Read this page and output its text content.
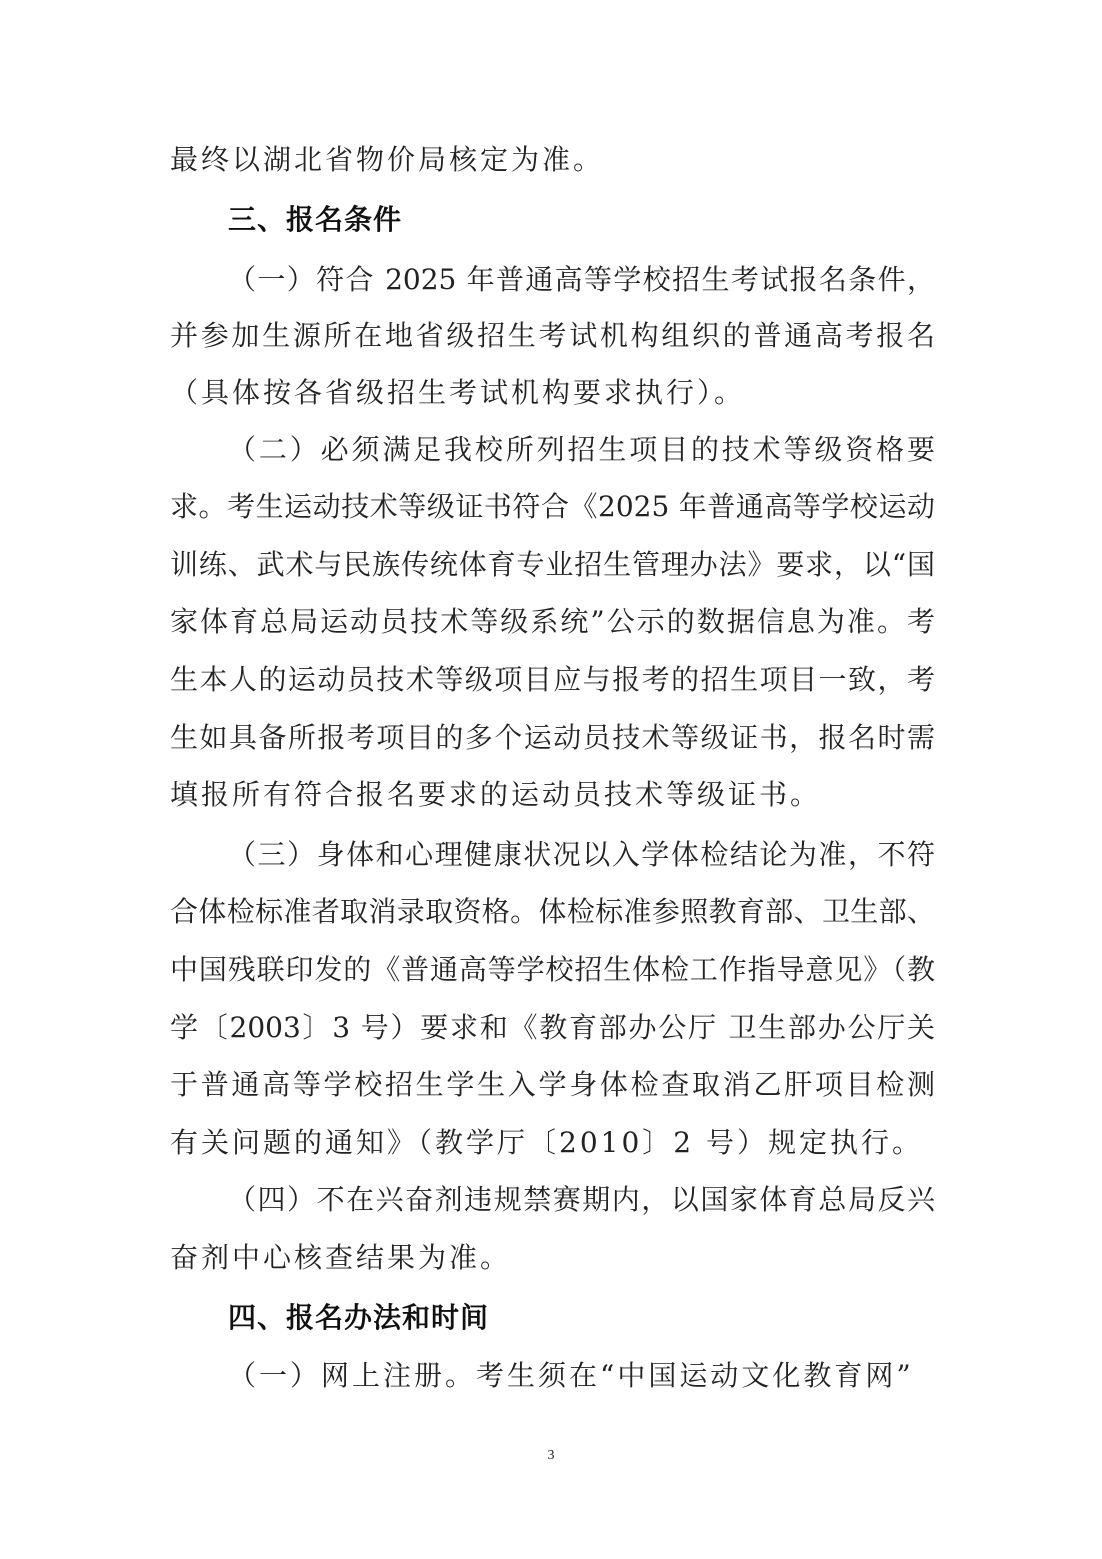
最终以湖北省物价局核定为准。
三、报名条件
（一）符合 2025 年普通高等学校招生考试报名条件，
并参加生源所在地省级招生考试机构组织的普通高考报名
（具体按各省级招生考试机构要求执行）。
（二）必须满足我校所列招生项目的技术等级资格要
求。考生运动技术等级证书符合《2025 年普通高等学校运动
训练、武术与民族传统体育专业招生管理办法》要求，以“国
家体育总局运动员技术等级系统”公示的数据信息为准。考
生本人的运动员技术等级项目应与报考的招生项目一致，考
生如具备所报考项目的多个运动员技术等级证书，报名时需
填报所有符合报名要求的运动员技术等级证书。
（三）身体和心理健康状况以入学体检结论为准，不符
合体检标准者取消录取资格。体检标准参照教育部、卫生部、
中国残联印发的《普通高等学校招生体检工作指导意见》（教
学〔2003〕3 号）要求和《教育部办公厅 卫生部办公厅关
于普通高等学校招生学生入学身体检查取消乙肝项目检测
有关问题的通知》（教学厅〔2010〕2 号）规定执行。
（四）不在兴奋剂违规禁赛期内，以国家体育总局反兴
奋剂中心核查结果为准。
四、报名办法和时间
（一）网上注册。考生须在“中国运动文化教育网”
3
